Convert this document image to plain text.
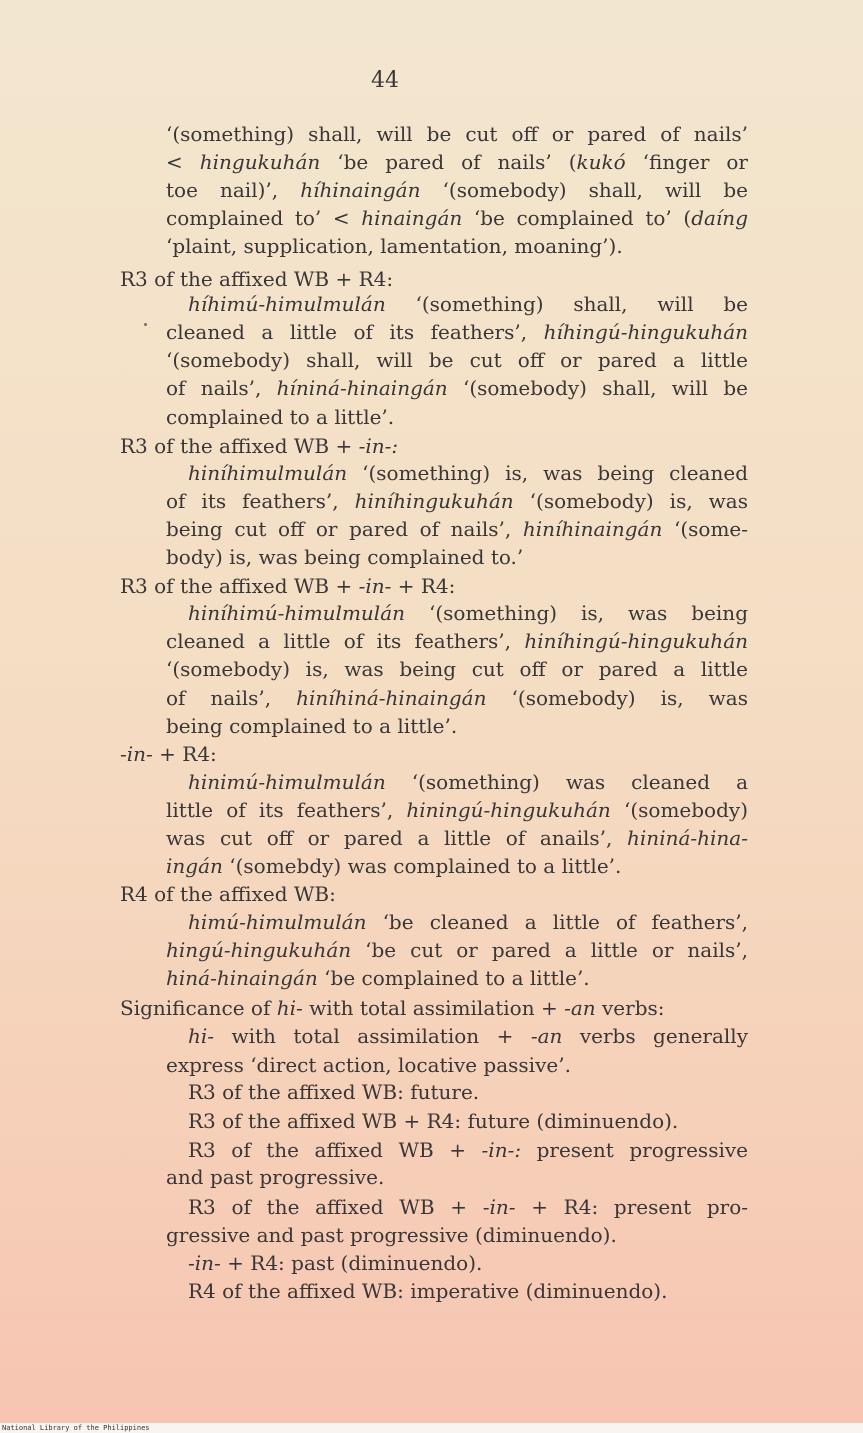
44
‘(something) shall, will be cut off or pared of nails’
< hingukuhán ‘be pared of nails’ (kukó ‘finger or
toe nail)’, híhinaingán ‘(somebody) shall, will be
complained to’ < hinaingán ‘be complained to’ (daíng
‘plaint, supplication, lamentation, moaning’).
R3 of the affixed WB + R4:
híhimú-himulmulán ‘(something) shall, will be
cleaned a little of its feathers’, híhingú-hingukuhán
‘(somebody) shall, will be cut off or pared a little
of nails’, híniná-hinaingán ‘(somebody) shall, will be
complained to a little’.
R3 of the affixed WB + -in-:
hiníhimulmulán ‘(something) is, was being cleaned
of its feathers’, hiníhingukuhán ‘(somebody) is, was
being cut off or pared of nails’, hiníhinaingán ‘(some-
body) is, was being complained to.’
R3 of the affixed WB + -in- + R4:
hiníhimú-himulmulán ‘(something) is, was being
cleaned a little of its feathers’, hiníhingú-hingukuhán
‘(somebody) is, was being cut off or pared a little
of nails’, hiníhiná-hinaingán ‘(somebody) is, was
being complained to a little’.
-in- + R4:
hinimú-himulmulán ‘(something) was cleaned a
little of its feathers’, hiningú-hingukuhán ‘(somebody)
was cut off or pared a little of anails’, hininá-hina-
ingán ‘(somebdy) was complained to a little’.
R4 of the affixed WB:
himú-himulmulán ‘be cleaned a little of feathers’,
hingú-hingukuhán ‘be cut or pared a little or nails’,
hiná-hinaingán ‘be complained to a little’.
Significance of hi- with total assimilation + -an verbs:
hi- with total assimilation + -an verbs generally
express ‘direct action, locative passive’.
R3 of the affixed WB: future.
R3 of the affixed WB + R4: future (diminuendo).
R3 of the affixed WB + -in-: present progressive
and past progressive.
R3 of the affixed WB + -in- + R4: present pro-
gressive and past progressive (diminuendo).
-in- + R4: past (diminuendo).
R4 of the affixed WB: imperative (diminuendo).
National Library of the Philippines
